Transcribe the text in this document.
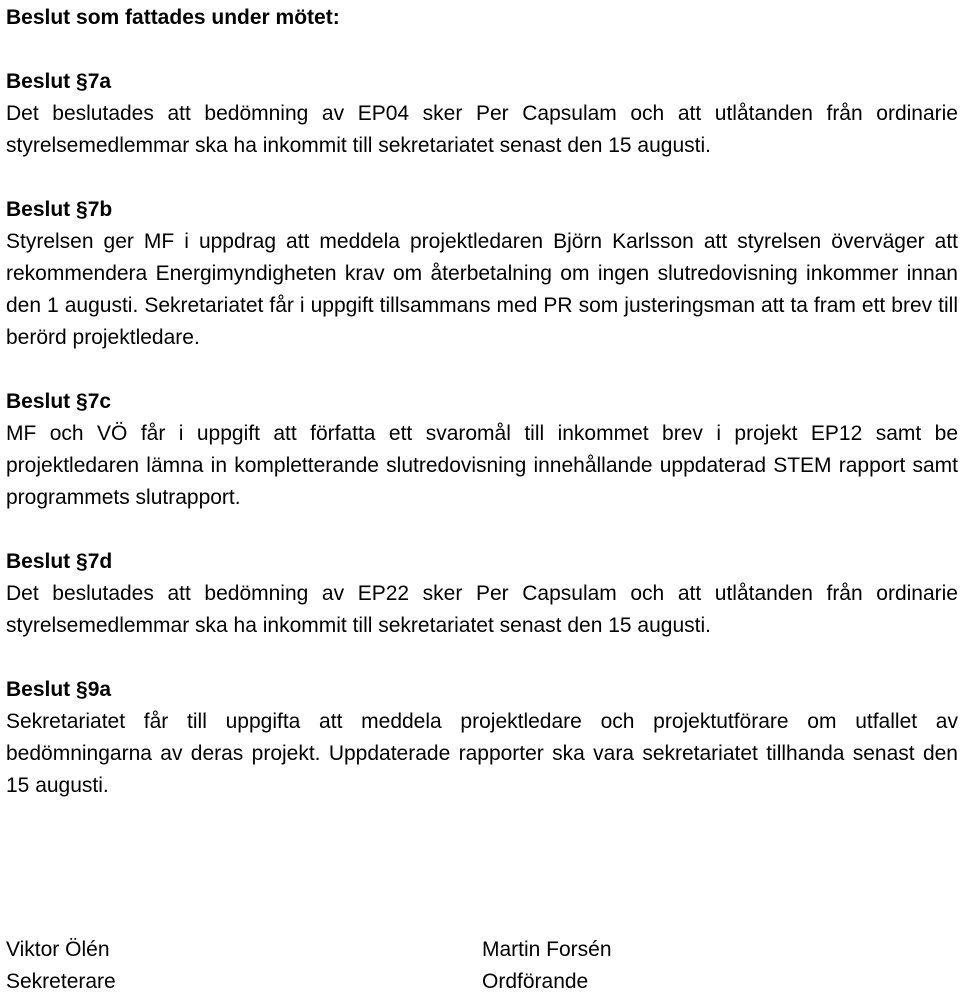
Beslut som fattades under mötet:
Beslut §7a

Det beslutades att bedömning av EP04 sker Per Capsulam och att utlåtanden från ordinarie styrelsemedlemmar ska ha inkommit till sekretariatet senast den 15 augusti.

Beslut §7b

Styrelsen ger MF i uppdrag att meddela projektledaren Björn Karlsson att styrelsen överväger att rekommendera Energimyndigheten krav om återbetalning om ingen slutredovisning inkommer innan den 1 augusti. Sekretariatet får i uppgift tillsammans med PR som justeringsman att ta fram ett brev till berörd projektledare.

Beslut §7c

MF och VÖ får i uppgift att författa ett svaromål till inkommet brev i projekt EP12 samt be projektledaren lämna in kompletterande slutredovisning innehållande uppdaterad STEM rapport samt programmets slutrapport.

Beslut §7d

Det beslutades att bedömning av EP22 sker Per Capsulam och att utlåtanden från ordinarie styrelsemedlemmar ska ha inkommit till sekretariatet senast den 15 augusti.

Beslut §9a

Sekretariatet får till uppgifta att meddela projektledare och projektutförare om utfallet av bedömningarna av deras projekt. Uppdaterade rapporter ska vara sekretariatet tillhanda senast den 15 augusti.

Viktor Ölén
Sekreterare
Martin Forsén
Ordförande
